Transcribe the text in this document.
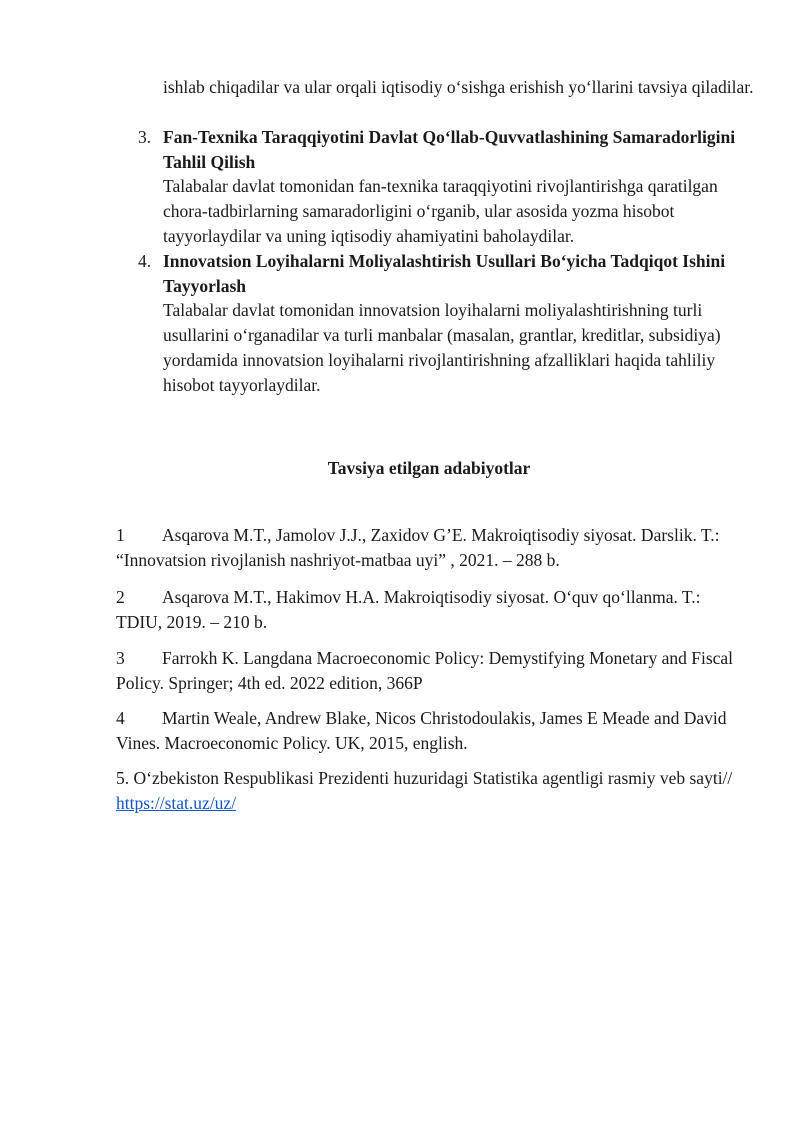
ishlab chiqadilar va ular orqali iqtisodiy o‘sishga erishish yo‘llarini tavsiya qiladilar.
3. Fan-Texnika Taraqqiyotini Davlat Qo‘llab-Quvvatlashining Samaradorligini Tahlil Qilish
Talabalar davlat tomonidan fan-texnika taraqqiyotini rivojlantirishga qaratilgan chora-tadbirlarning samaradorligini o‘rganib, ular asosida yozma hisobot tayyorlaydilar va uning iqtisodiy ahamiyatini baholaydilar.
4. Innovatsion Loyihalarni Moliyalashtirish Usullari Bo‘yicha Tadqiqot Ishini Tayyorlash
Talabalar davlat tomonidan innovatsion loyihalarni moliyalashtirishning turli usullarini o‘rganadilar va turli manbalar (masalan, grantlar, kreditlar, subsidiya) yordamida innovatsion loyihalarni rivojlantirishning afzalliklari haqida tahliliy hisobot tayyorlaydilar.
Tavsiya etilgan adabiyotlar
1 Asqarova M.T., Jamolov J.J., Zaxidov G’E. Makroiqtisodiy siyosat. Darslik. T.: “Innovatsion rivojlanish nashriyot-matbaa uyi” , 2021. – 288 b.
2 Asqarova M.T., Hakimov H.A. Makroiqtisodiy siyosat. O‘quv qo‘llanma. T.: TDIU, 2019. – 210 b.
3 Farrokh K. Langdana Macroeconomic Policy: Demystifying Monetary and Fiscal Policy. Springer; 4th ed. 2022 edition, 366P
4 Martin Weale, Andrew Blake, Nicos Christodoulakis, James E Meade and David Vines. Macroeconomic Policy. UK, 2015, english.
5. O‘zbekiston Respublikasi Prezidenti huzuridagi Statistika agentligi rasmiy veb sayti// https://stat.uz/uz/
